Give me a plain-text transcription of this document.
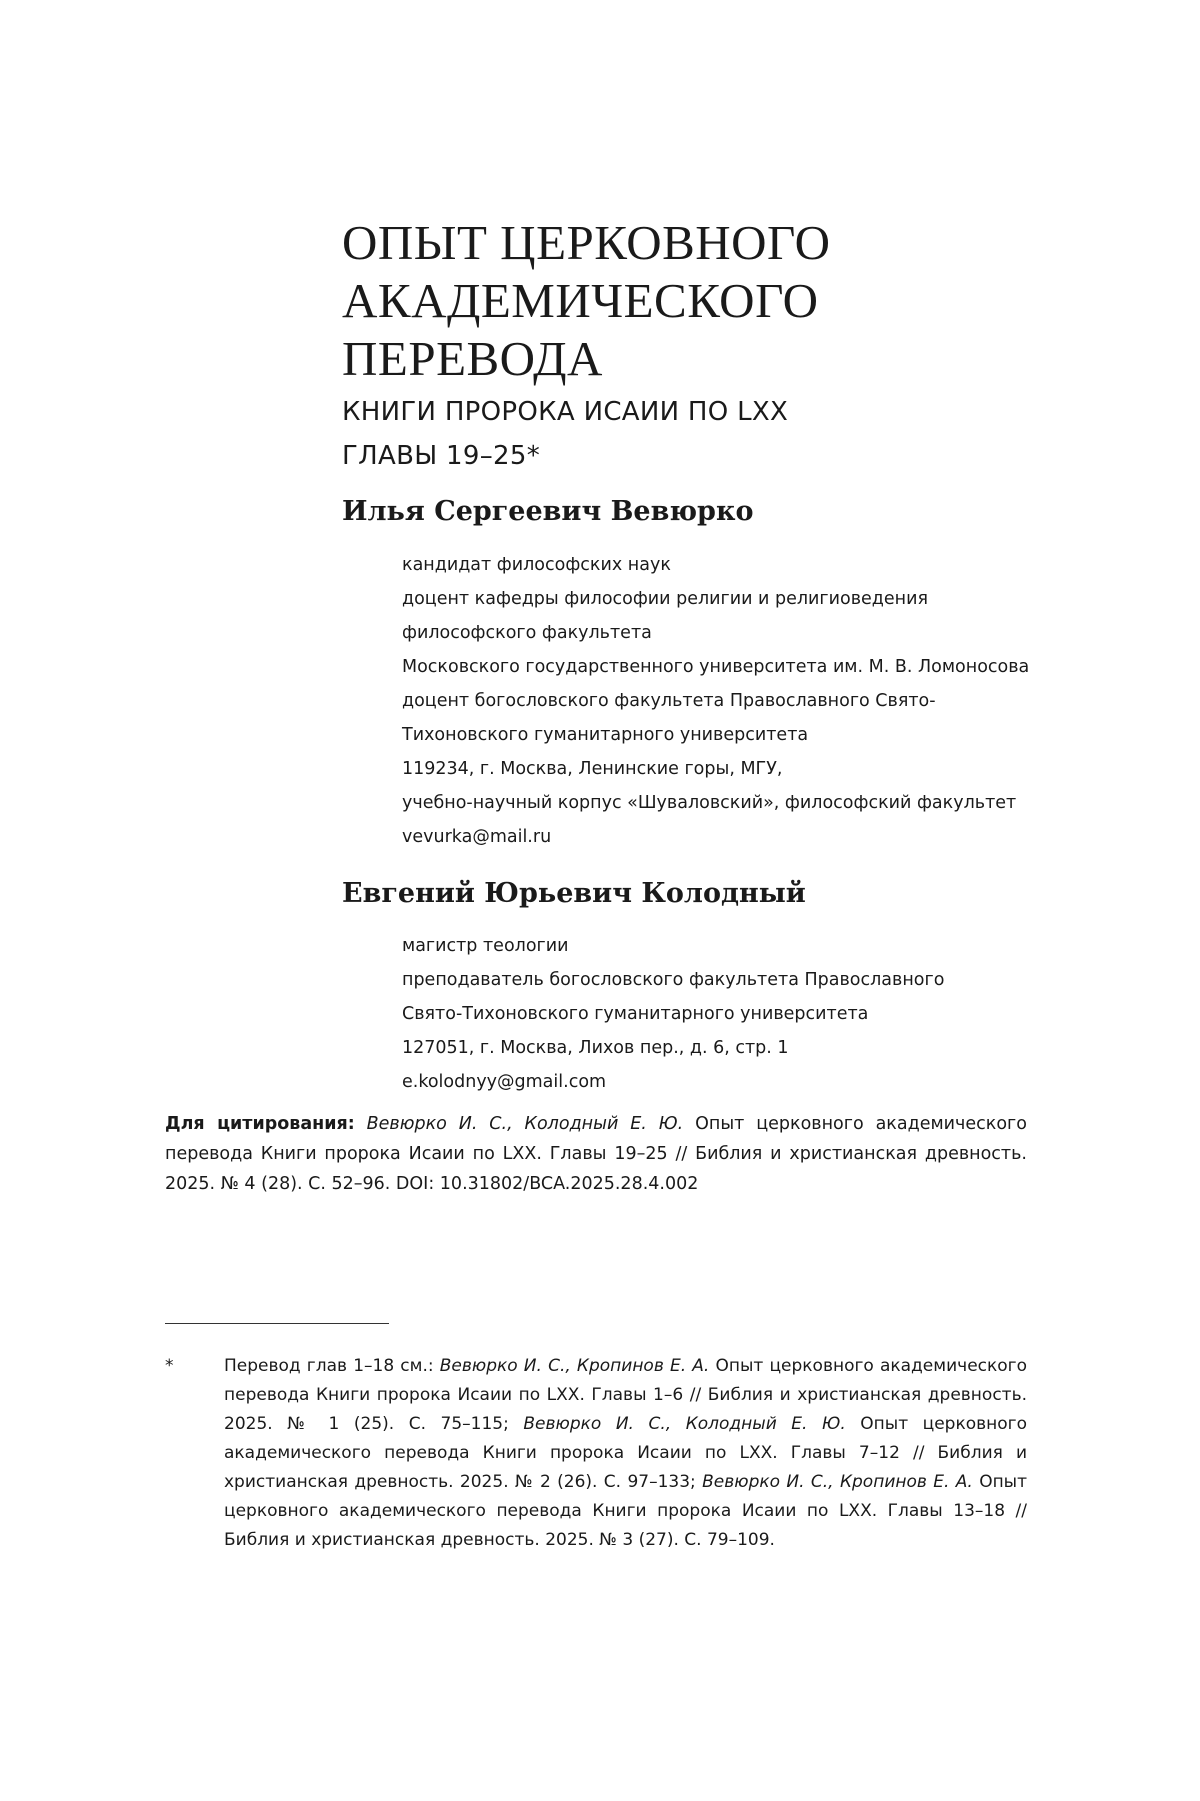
ОПЫТ ЦЕРКОВНОГО
АКАДЕМИЧЕСКОГО
ПЕРЕВОДА
КНИГИ ПРОРОКА ИСАИИ ПО LXX
ГЛАВЫ 19–25*
Илья Сергеевич Вевюрко
кандидат философских наук
доцент кафедры философии религии и религиоведения
философского факультета
Московского государственного университета им. М. В. Ломоносова
доцент богословского факультета Православного Свято-
Тихоновского гуманитарного университета
119234, г. Москва, Ленинские горы, МГУ,
учебно-научный корпус «Шуваловский», философский факультет
vevurka@mail.ru
Евгений Юрьевич Колодный
магистр теологии
преподаватель богословского факультета Православного
Свято-Тихоновского гуманитарного университета
127051, г. Москва, Лихов пер., д. 6, стр. 1
e.kolodnyy@gmail.com
Для цитирования: Вевюрко И. С., Колодный Е. Ю. Опыт церковного академического перевода Книги пророка Исаии по LXX. Главы 19–25 // Библия и христианская древность. 2025. № 4 (28). С. 52–96. DOI: 10.31802/BCA.2025.28.4.002
*	Перевод глав 1–18 см.: Вевюрко И. С., Кропинов Е. А. Опыт церковного академического перевода Книги пророка Исаии по LXX. Главы 1–6 // Библия и христианская древность. 2025. № 1 (25). С. 75–115; Вевюрко И. С., Колодный Е. Ю. Опыт церковного академического перевода Книги пророка Исаии по LXX. Главы 7–12 // Библия и христианская древность. 2025. № 2 (26). С. 97–133; Вевюрко И. С., Кропинов Е. А. Опыт церковного академического перевода Книги пророка Исаии по LXX. Главы 13–18 // Библия и христианская древность. 2025. № 3 (27). С. 79–109.
